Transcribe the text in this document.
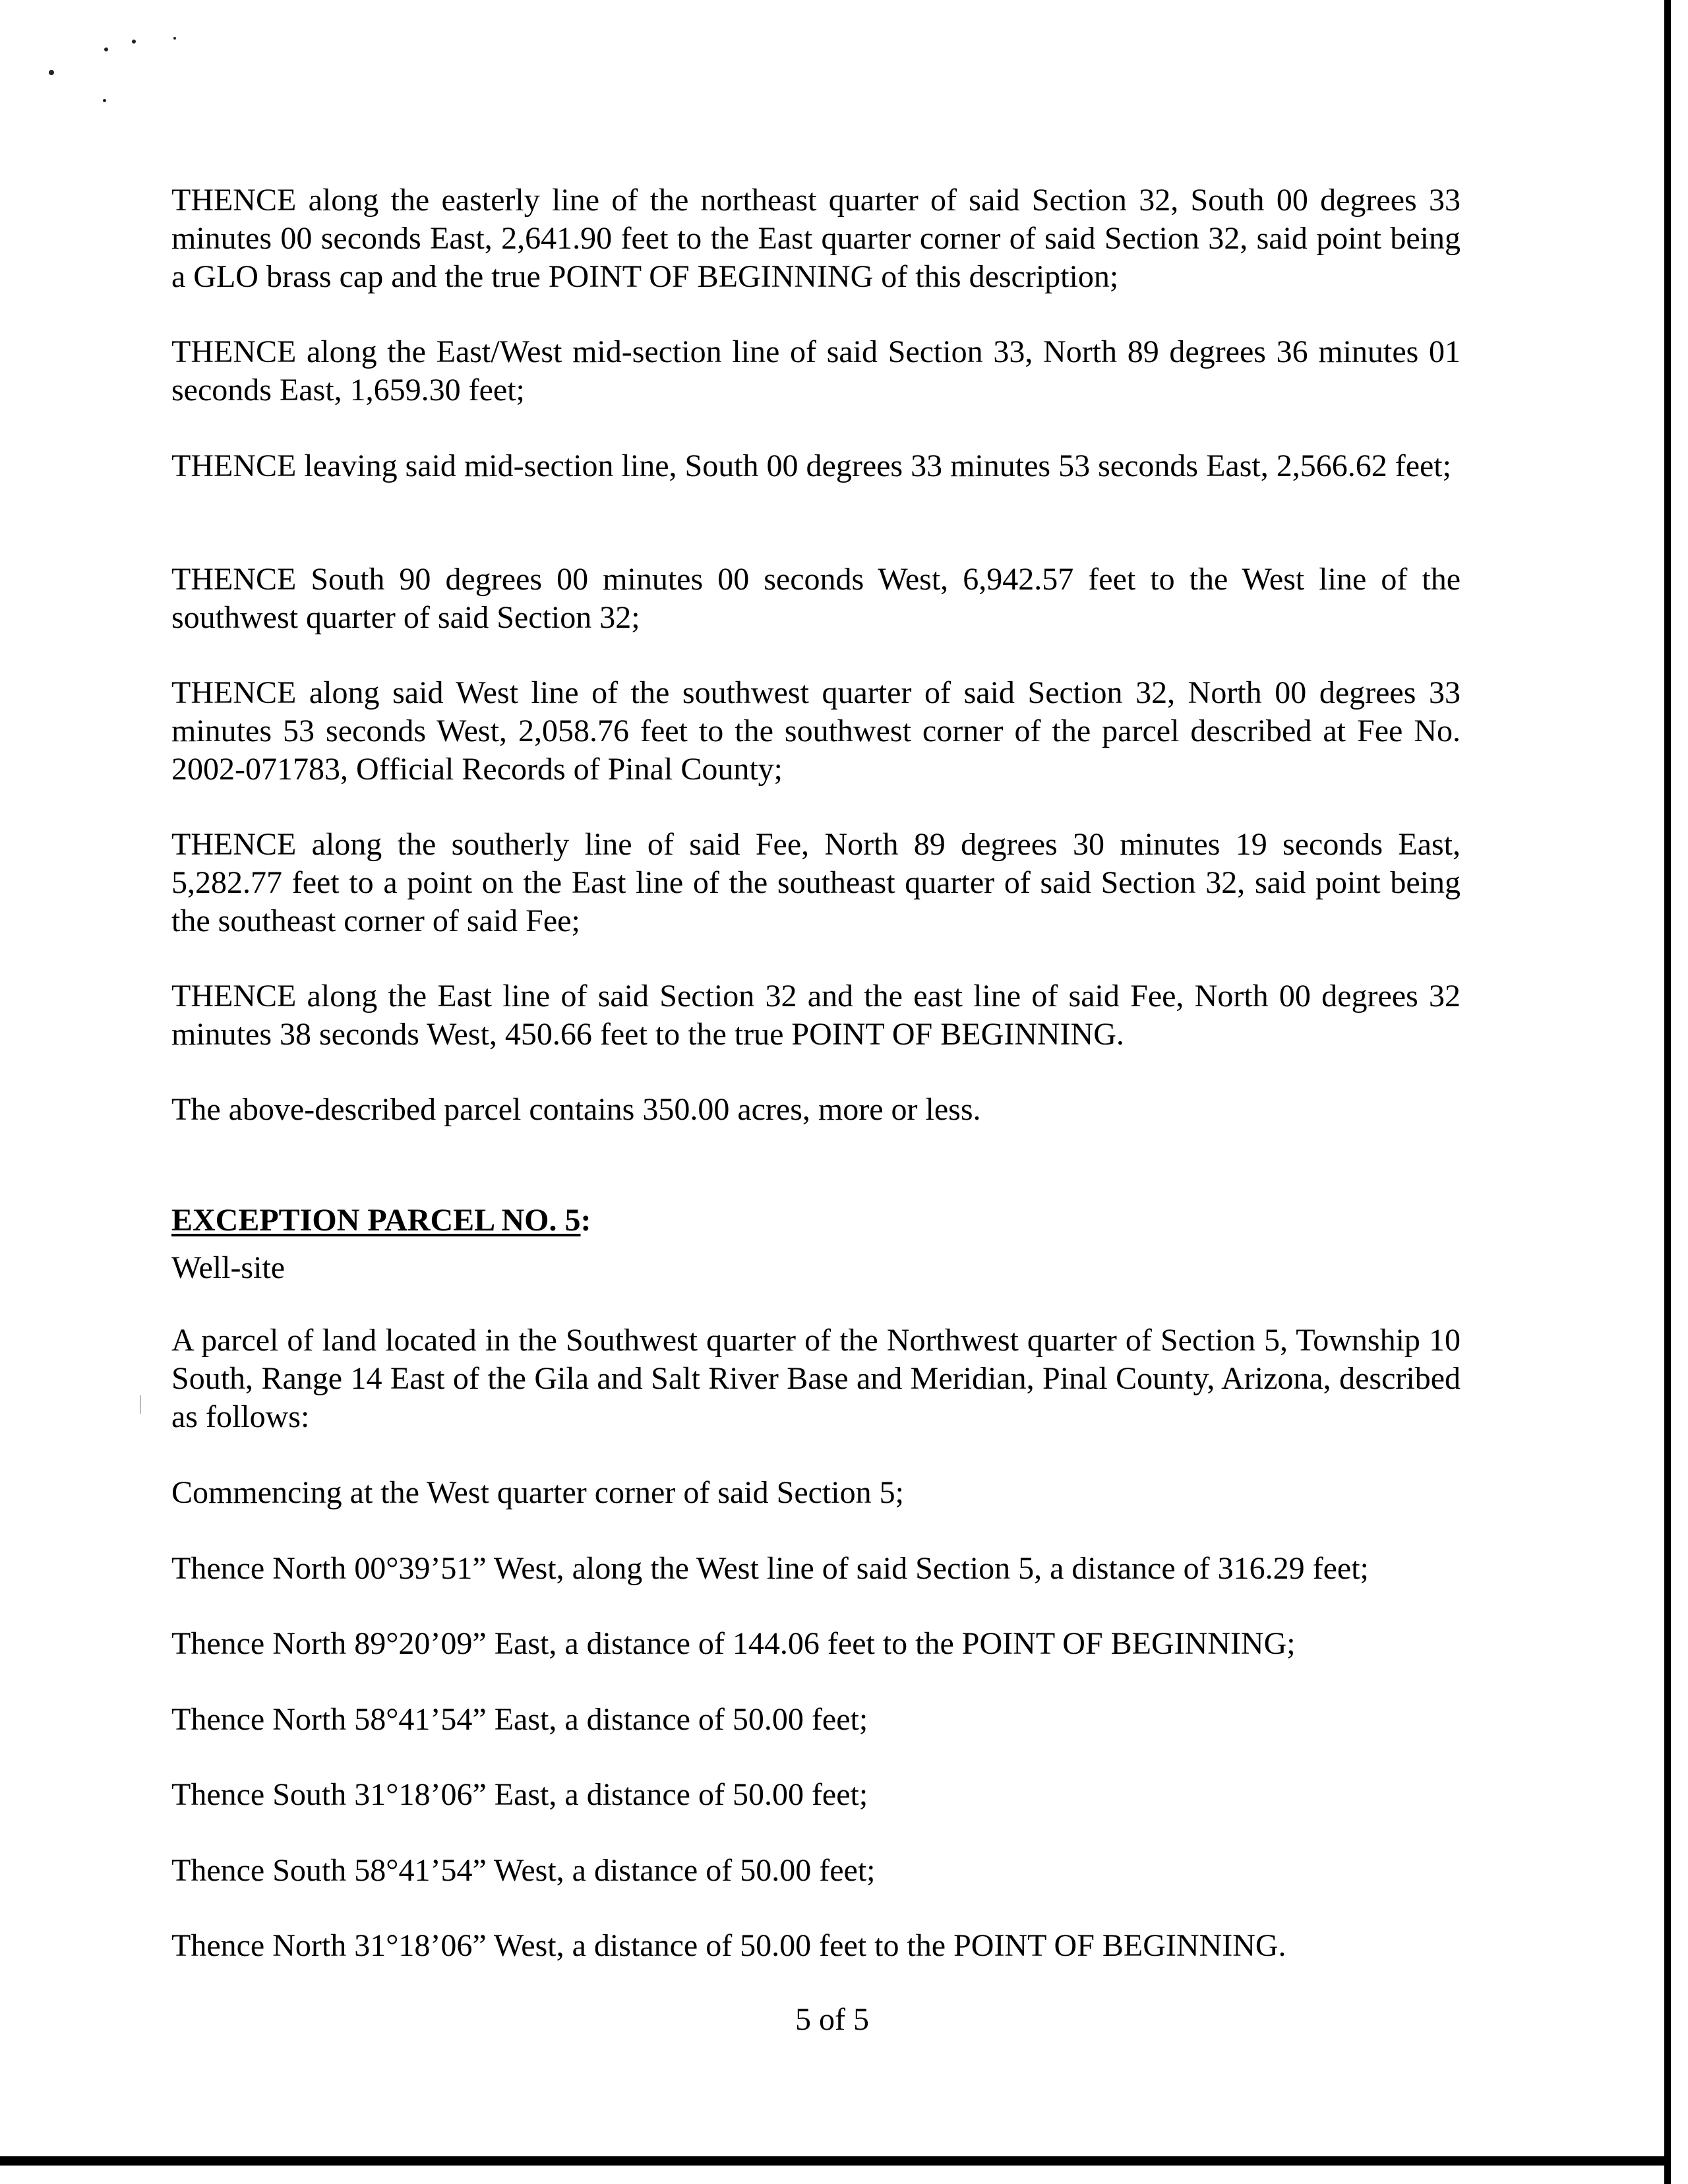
THENCE along the easterly line of the northeast quarter of said Section 32, South 00 degrees 33 minutes 00 seconds East, 2,641.90 feet to the East quarter corner of said Section 32, said point being a GLO brass cap and the true POINT OF BEGINNING of this description;

THENCE along the East/West mid-section line of said Section 33, North 89 degrees 36 minutes 01 seconds East, 1,659.30 feet;

THENCE leaving said mid-section line, South 00 degrees 33 minutes 53 seconds East, 2,566.62 feet;

THENCE South 90 degrees 00 minutes 00 seconds West, 6,942.57 feet to the West line of the southwest quarter of said Section 32;

THENCE along said West line of the southwest quarter of said Section 32, North 00 degrees 33 minutes 53 seconds West, 2,058.76 feet to the southwest corner of the parcel described at Fee No. 2002-071783, Official Records of Pinal County;

THENCE along the southerly line of said Fee, North 89 degrees 30 minutes 19 seconds East, 5,282.77 feet to a point on the East line of the southeast quarter of said Section 32, said point being the southeast corner of said Fee;

THENCE along the East line of said Section 32 and the east line of said Fee, North 00 degrees 32 minutes 38 seconds West, 450.66 feet to the true POINT OF BEGINNING.

The above-described parcel contains 350.00 acres, more or less.

EXCEPTION PARCEL NO. 5:

Well-site

A parcel of land located in the Southwest quarter of the Northwest quarter of Section 5, Township 10 South, Range 14 East of the Gila and Salt River Base and Meridian, Pinal County, Arizona, described as follows:

Commencing at the West quarter corner of said Section 5;

Thence North 00°39’51” West, along the West line of said Section 5, a distance of 316.29 feet;

Thence North 89°20’09” East, a distance of 144.06 feet to the POINT OF BEGINNING;

Thence North 58°41’54” East, a distance of 50.00 feet;

Thence South 31°18’06” East, a distance of 50.00 feet;

Thence South 58°41’54” West, a distance of 50.00 feet;

Thence North 31°18’06” West, a distance of 50.00 feet to the POINT OF BEGINNING.

5 of 5
